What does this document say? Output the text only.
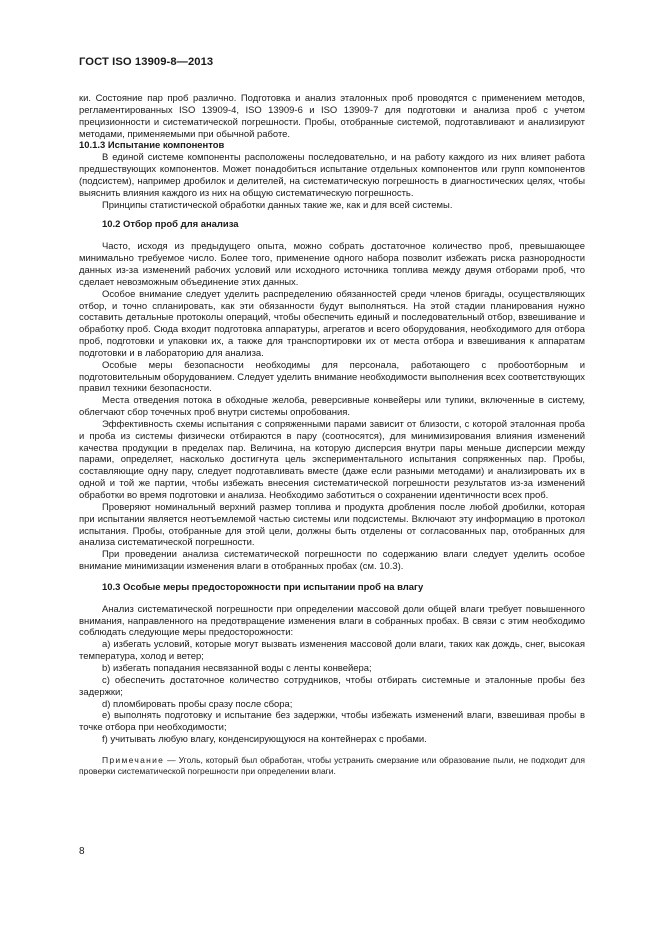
ГОСТ ISO 13909-8—2013

ки. Состояние пар проб различно. Подготовка и анализ эталонных проб проводятся с применением методов, регламентированных ISO 13909-4, ISO 13909-6 и ISO 13909-7 для подготовки и анализа проб с учетом прецизионности и систематической погрешности. Пробы, отобранные системой, подготавливают и анализируют методами, применяемыми при обычной работе.

10.1.3 Испытание компонентов

В единой системе компоненты расположены последовательно, и на работу каждого из них влияет работа предшествующих компонентов. Может понадобиться испытание отдельных компонентов или групп компонентов (подсистем), например дробилок и делителей, на систематическую погрешность в диагностических целях, чтобы выяснить влияния каждого из них на общую систематическую погрешность.

Принципы статистической обработки данных такие же, как и для всей системы.

10.2 Отбор проб для анализа

Часто, исходя из предыдущего опыта, можно собрать достаточное количество проб, превышающее минимально требуемое число. Более того, применение одного набора позволит избежать риска разнородности данных из-за изменений рабочих условий или исходного источника топлива между двумя отборами проб, что сделает невозможным объединение этих данных.

Особое внимание следует уделить распределению обязанностей среди членов бригады, осуществляющих отбор, и точно спланировать, как эти обязанности будут выполняться. На этой стадии планирования нужно составить детальные протоколы операций, чтобы обеспечить единый и последовательный отбор, взвешивание и обработку проб. Сюда входит подготовка аппаратуры, агрегатов и всего оборудования, необходимого для отбора проб, подготовки и упаковки их, а также для транспортировки их от места отбора и взвешивания к аппаратам подготовки и в лабораторию для анализа.

Особые меры безопасности необходимы для персонала, работающего с пробоотборным и подготовительным оборудованием. Следует уделить внимание необходимости выполнения всех соответствующих правил техники безопасности.

Места отведения потока в обходные желоба, реверсивные конвейеры или тупики, включенные в систему, облегчают сбор точечных проб внутри системы опробования.

Эффективность схемы испытания с сопряженными парами зависит от близости, с которой эталонная проба и проба из системы физически отбираются в пару (соотносятся), для минимизирования влияния изменений качества продукции в пределах пар. Величина, на которую дисперсия внутри пары меньше дисперсии между парами, определяет, насколько достигнута цель экспериментального испытания сопряженных пар. Пробы, составляющие одну пару, следует подготавливать вместе (даже если разными методами) и анализировать их в одной и той же партии, чтобы избежать внесения систематической погрешности результатов из-за изменений обработки во время подготовки и анализа. Необходимо заботиться о сохранении идентичности всех проб.

Проверяют номинальный верхний размер топлива и продукта дробления после любой дробилки, которая при испытании является неотъемлемой частью системы или подсистемы. Включают эту информацию в протокол испытания. Пробы, отобранные для этой цели, должны быть отделены от согласованных пар, отобранных для анализа систематической погрешности.

При проведении анализа систематической погрешности по содержанию влаги следует уделить особое внимание минимизации изменения влаги в отобранных пробах (см. 10.3).

10.3 Особые меры предосторожности при испытании проб на влагу

Анализ систематической погрешности при определении массовой доли общей влаги требует повышенного внимания, направленного на предотвращение изменения влаги в собранных пробах. В связи с этим необходимо соблюдать следующие меры предосторожности:

a) избегать условий, которые могут вызвать изменения массовой доли влаги, таких как дождь, снег, высокая температура, холод и ветер;

b) избегать попадания несвязанной воды с ленты конвейера;

c) обеспечить достаточное количество сотрудников, чтобы отбирать системные и эталонные пробы без задержки;

d) пломбировать пробы сразу после сбора;

e) выполнять подготовку и испытание без задержки, чтобы избежать изменений влаги, взвешивая пробы в точке отбора при необходимости;

f) учитывать любую влагу, конденсирующуюся на контейнерах с пробами.

Примечание — Уголь, который был обработан, чтобы устранить смерзание или образование пыли, не подходит для проверки систематической погрешности при определении влаги.

8
